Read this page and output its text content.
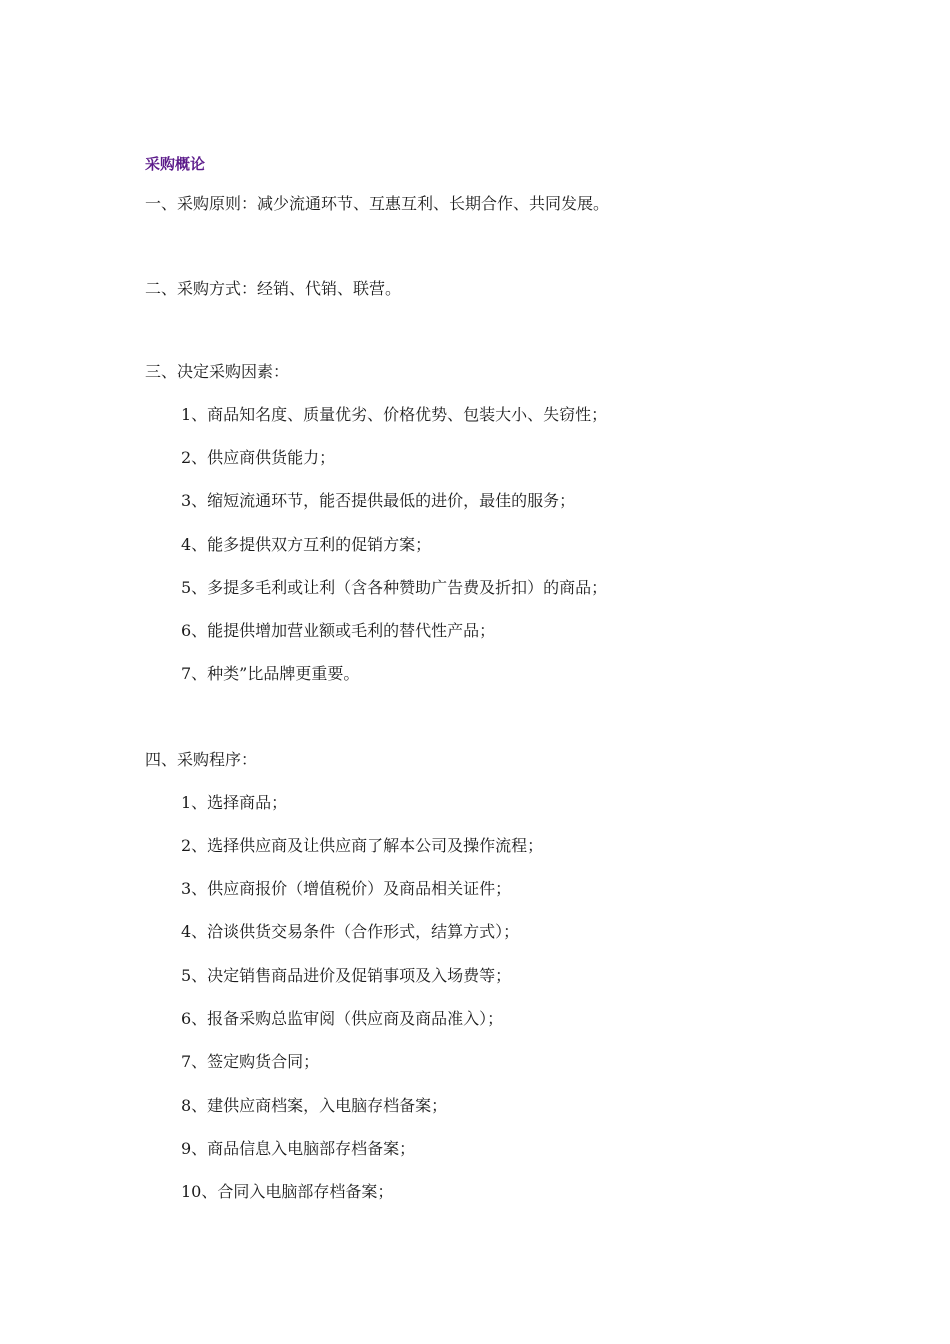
采购概论
一、采购原则：减少流通环节、互惠互利、长期合作、共同发展。
二、采购方式：经销、代销、联营。
三、决定采购因素：
1、商品知名度、质量优劣、价格优势、包装大小、失窃性；
2、供应商供货能力；
3、缩短流通环节，能否提供最低的进价，最佳的服务；
4、能多提供双方互利的促销方案；
5、多提多毛利或让利（含各种赞助广告费及折扣）的商品；
6、能提供增加营业额或毛利的替代性产品；
7、种类”比品牌更重要。
四、采购程序：
1、选择商品；
2、选择供应商及让供应商了解本公司及操作流程；
3、供应商报价（增值税价）及商品相关证件；
4、洽谈供货交易条件（合作形式，结算方式）；
5、决定销售商品进价及促销事项及入场费等；
6、报备采购总监审阅（供应商及商品准入）；
7、签定购货合同；
8、建供应商档案，入电脑存档备案；
9、商品信息入电脑部存档备案；
10、合同入电脑部存档备案；
